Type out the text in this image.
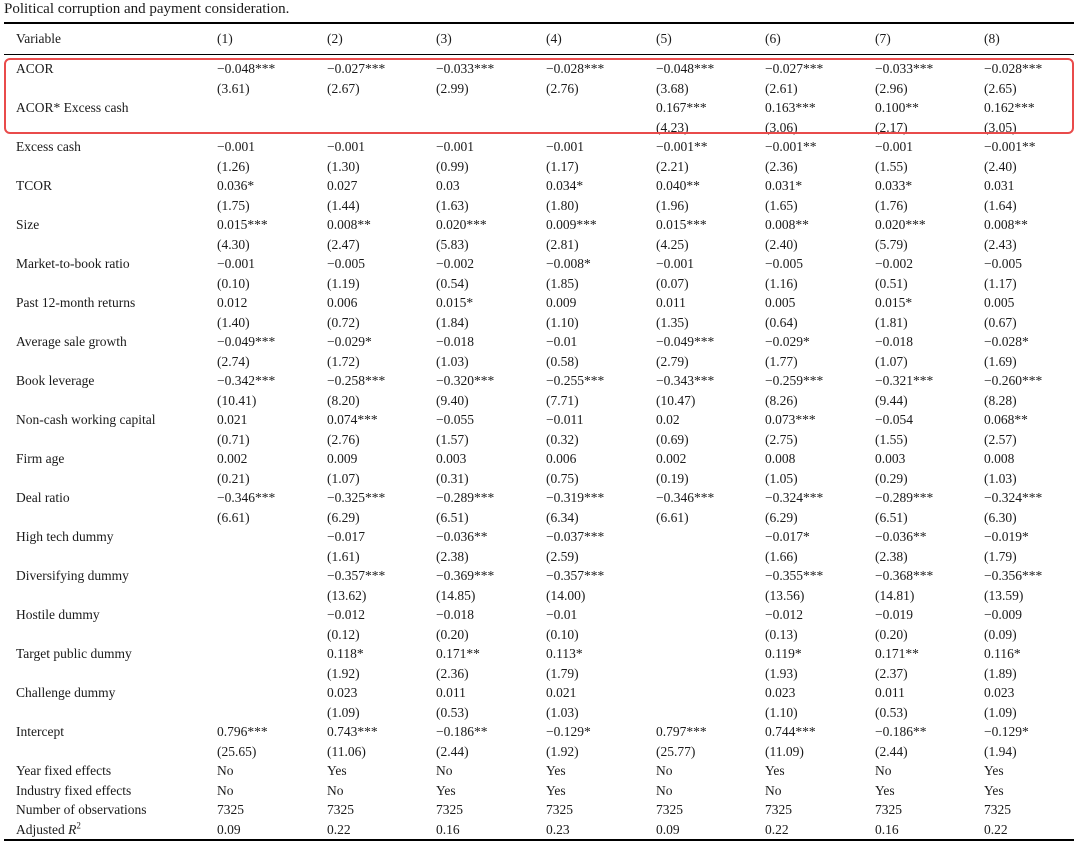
Political corruption and payment consideration.
Variable	(1)	(2)	(3)	(4)	(5)	(6)	(7)	(8)

ACOR	−0.048***	−0.027***	−0.033***	−0.028***	−0.048***	−0.027***	−0.033***	−0.028***
	(3.61)	(2.67)	(2.99)	(2.76)	(3.68)	(2.61)	(2.96)	(2.65)
ACOR* Excess cash					0.167***	0.163***	0.100**	0.162***
					(4.23)	(3.06)	(2.17)	(3.05)
Excess cash	−0.001	−0.001	−0.001	−0.001	−0.001**	−0.001**	−0.001	−0.001**
	(1.26)	(1.30)	(0.99)	(1.17)	(2.21)	(2.36)	(1.55)	(2.40)
TCOR	0.036*	0.027	0.03	0.034*	0.040**	0.031*	0.033*	0.031
	(1.75)	(1.44)	(1.63)	(1.80)	(1.96)	(1.65)	(1.76)	(1.64)
Size	0.015***	0.008**	0.020***	0.009***	0.015***	0.008**	0.020***	0.008**
	(4.30)	(2.47)	(5.83)	(2.81)	(4.25)	(2.40)	(5.79)	(2.43)
Market-to-book ratio	−0.001	−0.005	−0.002	−0.008*	−0.001	−0.005	−0.002	−0.005
	(0.10)	(1.19)	(0.54)	(1.85)	(0.07)	(1.16)	(0.51)	(1.17)
Past 12-month returns	0.012	0.006	0.015*	0.009	0.011	0.005	0.015*	0.005
	(1.40)	(0.72)	(1.84)	(1.10)	(1.35)	(0.64)	(1.81)	(0.67)
Average sale growth	−0.049***	−0.029*	−0.018	−0.01	−0.049***	−0.029*	−0.018	−0.028*
	(2.74)	(1.72)	(1.03)	(0.58)	(2.79)	(1.77)	(1.07)	(1.69)
Book leverage	−0.342***	−0.258***	−0.320***	−0.255***	−0.343***	−0.259***	−0.321***	−0.260***
	(10.41)	(8.20)	(9.40)	(7.71)	(10.47)	(8.26)	(9.44)	(8.28)
Non-cash working capital	0.021	0.074***	−0.055	−0.011	0.02	0.073***	−0.054	0.068**
	(0.71)	(2.76)	(1.57)	(0.32)	(0.69)	(2.75)	(1.55)	(2.57)
Firm age	0.002	0.009	0.003	0.006	0.002	0.008	0.003	0.008
	(0.21)	(1.07)	(0.31)	(0.75)	(0.19)	(1.05)	(0.29)	(1.03)
Deal ratio	−0.346***	−0.325***	−0.289***	−0.319***	−0.346***	−0.324***	−0.289***	−0.324***
	(6.61)	(6.29)	(6.51)	(6.34)	(6.61)	(6.29)	(6.51)	(6.30)
High tech dummy		−0.017	−0.036**	−0.037***		−0.017*	−0.036**	−0.019*
		(1.61)	(2.38)	(2.59)		(1.66)	(2.38)	(1.79)
Diversifying dummy		−0.357***	−0.369***	−0.357***		−0.355***	−0.368***	−0.356***
		(13.62)	(14.85)	(14.00)		(13.56)	(14.81)	(13.59)
Hostile dummy		−0.012	−0.018	−0.01		−0.012	−0.019	−0.009
		(0.12)	(0.20)	(0.10)		(0.13)	(0.20)	(0.09)
Target public dummy		0.118*	0.171**	0.113*		0.119*	0.171**	0.116*
		(1.92)	(2.36)	(1.79)		(1.93)	(2.37)	(1.89)
Challenge dummy		0.023	0.011	0.021		0.023	0.011	0.023
		(1.09)	(0.53)	(1.03)		(1.10)	(0.53)	(1.09)
Intercept	0.796***	0.743***	−0.186**	−0.129*	0.797***	0.744***	−0.186**	−0.129*
	(25.65)	(11.06)	(2.44)	(1.92)	(25.77)	(11.09)	(2.44)	(1.94)
Year fixed effects	No	Yes	No	Yes	No	Yes	No	Yes
Industry fixed effects	No	No	Yes	Yes	No	No	Yes	Yes
Number of observations	7325	7325	7325	7325	7325	7325	7325	7325
Adjusted $R^2$	0.09	0.22	0.16	0.23	0.09	0.22	0.16	0.22
